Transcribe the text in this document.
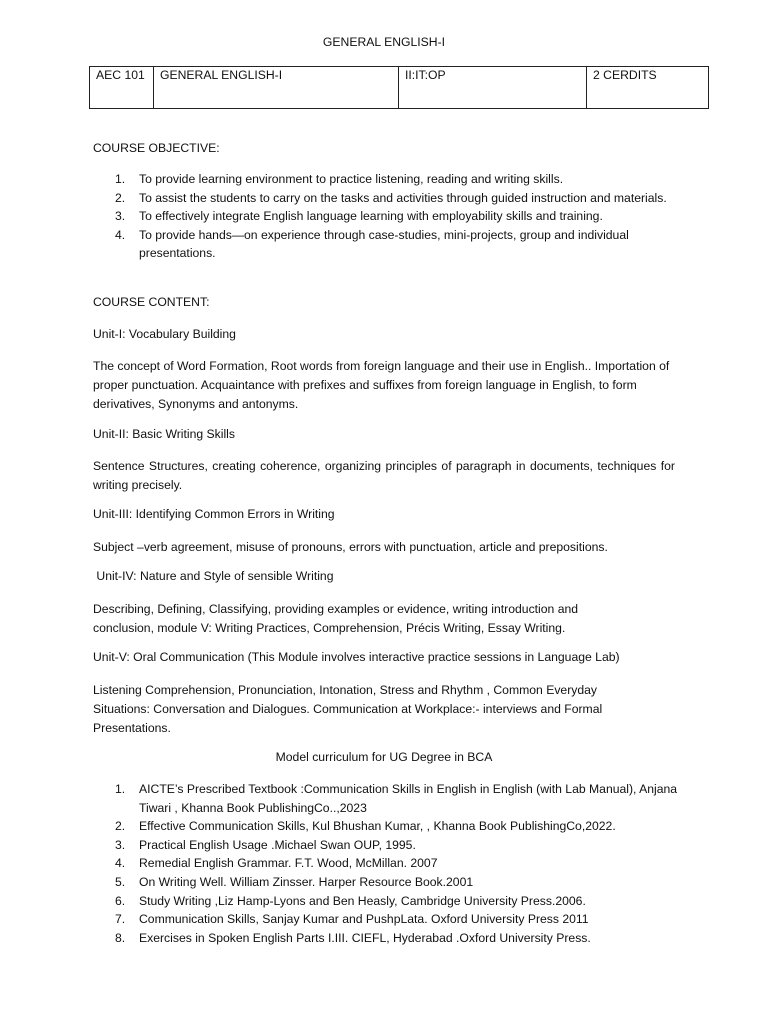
GENERAL ENGLISH-I
AEC 101	GENERAL ENGLISH-I	II:IT:OP	2 CERDITS
COURSE OBJECTIVE:
1. To provide learning environment to practice listening, reading and writing skills.
2. To assist the students to carry on the tasks and activities through guided instruction and materials.
3. To effectively integrate English language learning with employability skills and training.
4. To provide hands—on experience through case-studies, mini-projects, group and individual presentations.
COURSE CONTENT:
Unit-I: Vocabulary Building
The concept of Word Formation, Root words from foreign language and their use in English.. Importation of proper punctuation. Acquaintance with prefixes and suffixes from foreign language in English, to form derivatives, Synonyms and antonyms.
Unit-II: Basic Writing Skills
Sentence Structures, creating coherence, organizing principles of paragraph in documents, techniques for writing precisely.
Unit-III: Identifying Common Errors in Writing
Subject –verb agreement, misuse of pronouns, errors with punctuation, article and prepositions.
Unit-IV: Nature and Style of sensible Writing
Describing, Defining, Classifying, providing examples or evidence, writing introduction and conclusion, module V: Writing Practices, Comprehension, Précis Writing, Essay Writing.
Unit-V: Oral Communication (This Module involves interactive practice sessions in Language Lab)
Listening Comprehension, Pronunciation, Intonation, Stress and Rhythm , Common Everyday Situations: Conversation and Dialogues. Communication at Workplace:- interviews and Formal Presentations.
Model curriculum for UG Degree in BCA
1. AICTE’s Prescribed Textbook :Communication Skills in English in English (with Lab Manual), Anjana Tiwari , Khanna Book PublishingCo..,2023
2. Effective Communication Skills, Kul Bhushan Kumar, , Khanna Book PublishingCo,2022.
3. Practical English Usage .Michael Swan OUP, 1995.
4. Remedial English Grammar. F.T. Wood, McMillan. 2007
5. On Writing Well. William Zinsser. Harper Resource Book.2001
6. Study Writing ,Liz Hamp-Lyons and Ben Heasly, Cambridge University Press.2006.
7. Communication Skills, Sanjay Kumar and PushpLata. Oxford University Press 2011
8. Exercises in Spoken English Parts I.III. CIEFL, Hyderabad .Oxford University Press.
